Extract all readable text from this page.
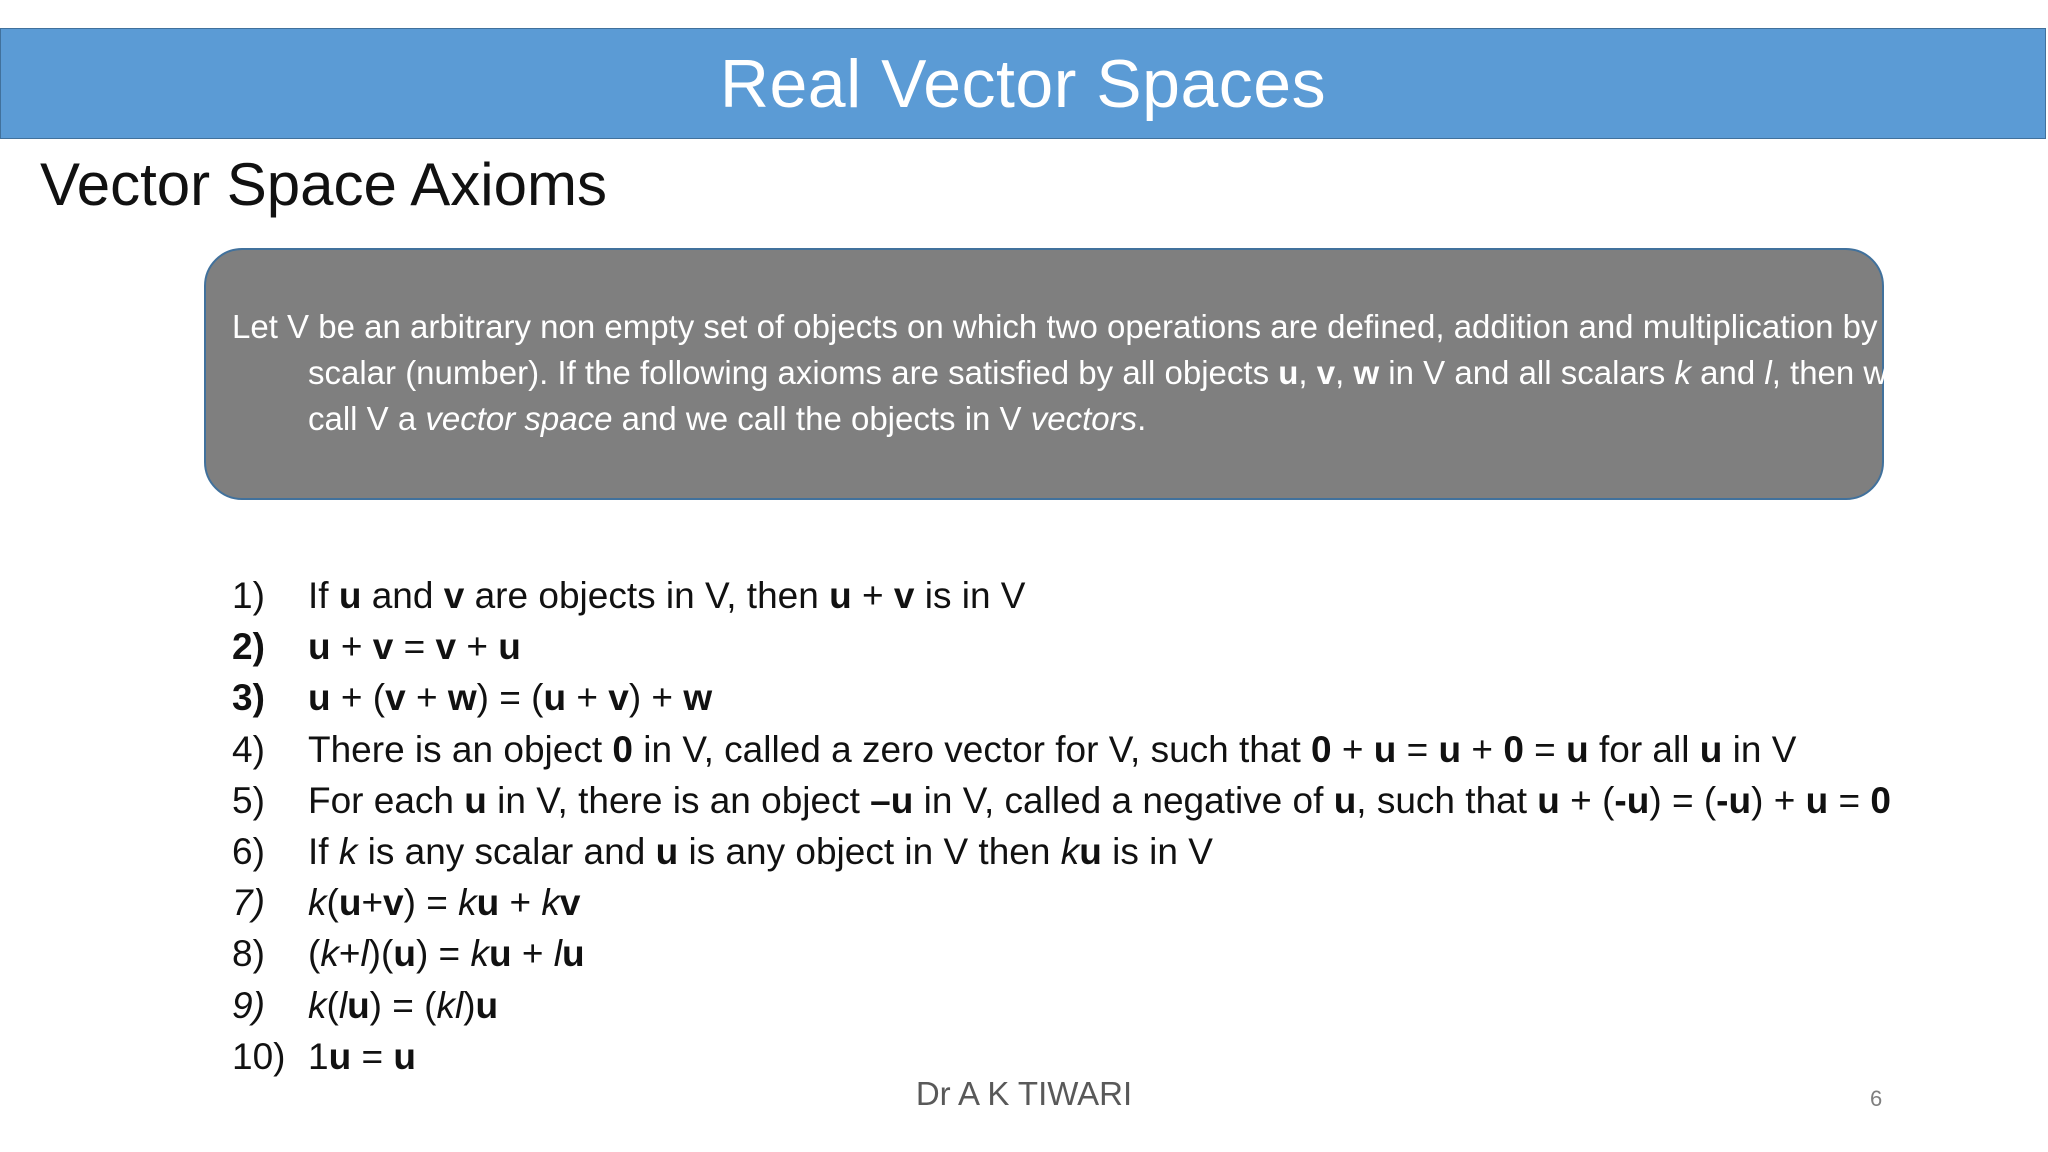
Real Vector Spaces
Vector Space Axioms
Let V be an arbitrary non empty set of objects on which two operations are defined, addition and multiplication by scalar (number). If the following axioms are satisfied by all objects u, v, w in V and all scalars k and l, then we call V a vector space and we call the objects in V vectors.
1)	If u and v are objects in V, then u + v is in V
2)	u + v = v + u
3)	u + (v + w) = (u + v) + w
4)	There is an object 0 in V, called a zero vector for V, such that 0 + u = u + 0 = u for all u in V
5)	For each u in V, there is an object –u in V, called a negative of u, such that u + (-u) = (-u) + u = 0
6)	If k is any scalar and u is any object in V then ku is in V
7)	k(u+v) = ku + kv
8)	(k+l)(u) = ku + lu
9)	k(lu) = (kl)u
10) 1u = u
Dr A K TIWARI	6
